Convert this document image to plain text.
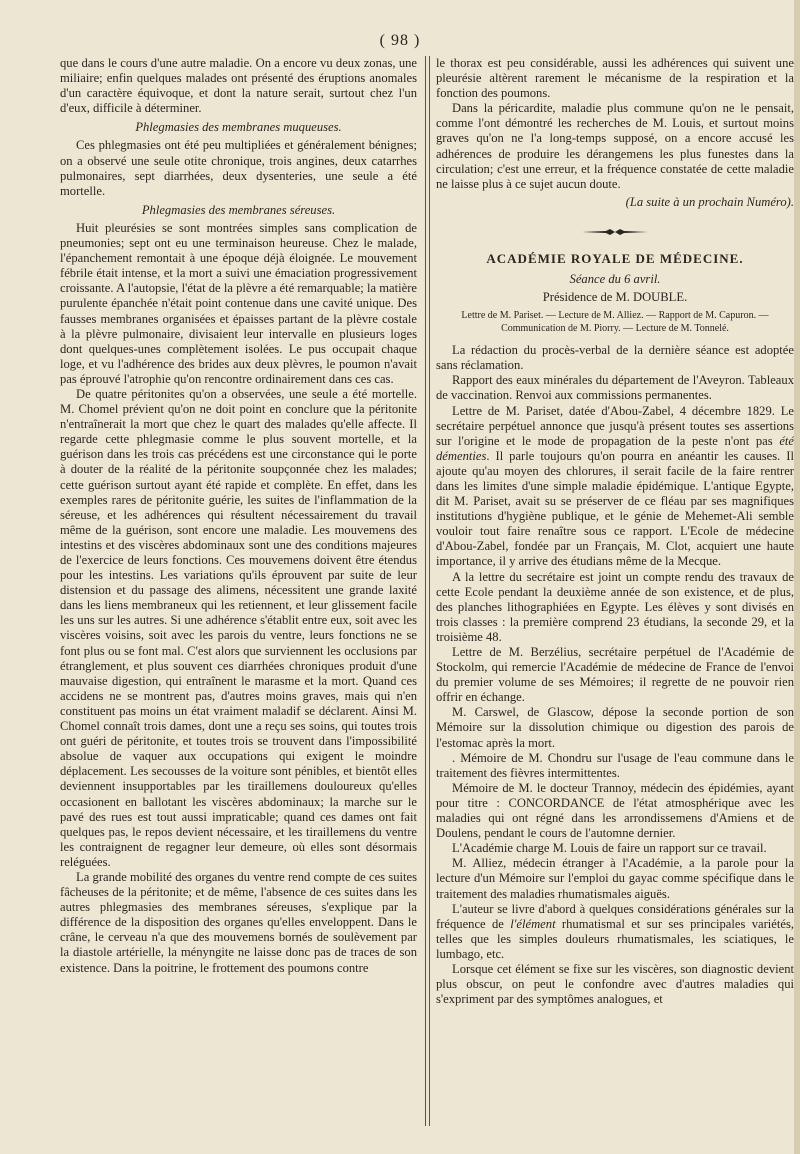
( 98 )

que dans le cours d'une autre maladie. On a encore vu deux zonas, une miliaire; enfin quelques malades ont présenté des éruptions anomales d'un caractère équivoque, et dont la nature serait, surtout chez l'un d'eux, difficile à déterminer.

Phlegmasies des membranes muqueuses.

Ces phlegmasies ont été peu multipliées et généralement bénignes; on a observé une seule otite chronique, trois angines, deux catarrhes pulmonaires, sept diarrhées, deux dysenteries, une seule a été mortelle.

Phlegmasies des membranes séreuses.

Huit pleurésies se sont montrées simples sans complication de pneumonies; sept ont eu une terminaison heureuse. Chez le malade, l'épanchement remontait à une époque déjà éloignée. Le mouvement fébrile était intense, et la mort a suivi une émaciation progressivement croissante. A l'autopsie, l'état de la plèvre a été remarquable; la matière purulente épanchée n'était point contenue dans une cavité unique. Des fausses membranes organisées et épaisses partant de la plèvre costale à la plèvre pulmonaire, divisaient leur intervalle en plusieurs loges dont quelques-unes complètement isolées. Le pus occupait chaque loge, et vu l'adhérence des brides aux deux plèvres, le poumon n'avait pas éprouvé l'atrophie qu'on rencontre ordinairement dans ces cas.

De quatre péritonites qu'on a observées, une seule a été mortelle. M. Chomel prévient qu'on ne doit point en conclure que la péritonite n'entraînerait la mort que chez le quart des malades qu'elle affecte. Il regarde cette phlegmasie comme le plus souvent mortelle, et la guérison dans les trois cas précédens est une circonstance qui le porte à douter de la réalité de la péritonite soupçonnée chez les malades; cette guérison surtout ayant été rapide et complète. En effet, dans les exemples rares de péritonite guérie, les suites de l'inflammation de la séreuse, et les adhérences qui résultent nécessairement du travail même de la guérison, sont encore une maladie. Les mouvemens des intestins et des viscères abdominaux sont une des conditions majeures de l'exercice de leurs fonctions. Ces mouvemens doivent être étendus pour les intestins. Les variations qu'ils éprouvent par suite de leur distension et du passage des alimens, nécessitent une grande laxité dans les liens membraneux qui les retiennent, et leur glissement facile les uns sur les autres. Si une adhérence s'établit entre eux, soit avec les viscères voisins, soit avec les parois du ventre, leurs fonctions ne se font plus ou se font mal. C'est alors que surviennent les occlusions par étranglement, et plus souvent ces diarrhées chroniques produit d'une mauvaise digestion, qui entraînent le marasme et la mort. Quand ces accidens ne se montrent pas, d'autres moins graves, mais qui n'en constituent pas moins un état vraiment maladif se déclarent. Ainsi M. Chomel connaît trois dames, dont une a reçu ses soins, qui toutes trois ont guéri de péritonite, et toutes trois se trouvent dans l'impossibilité absolue de vaquer aux occupations qui exigent le moindre déplacement. Les secousses de la voiture sont pénibles, et bientôt elles deviennent insupportables par les tiraillemens douloureux qu'elles occasionent en ballotant les viscères abdominaux; la marche sur le pavé des rues est tout aussi impraticable; quand ces dames ont fait quelques pas, le repos devient nécessaire, et les tiraillemens du ventre les contraignent de regagner leur demeure, où elles sont désormais reléguées.

La grande mobilité des organes du ventre rend compte de ces suites fâcheuses de la péritonite; et de même, l'absence de ces suites dans les autres phlegmasies des membranes séreuses, s'explique par la différence de la disposition des organes qu'elles enveloppent. Dans le crâne, le cerveau n'a que des mouvemens bornés de soulèvement par la diastole artérielle, la ményngite ne laisse donc pas de traces de son existence. Dans la poitrine, le frottement des poumons contre

le thorax est peu considérable, aussi les adhérences qui suivent une pleurésie altèrent rarement le mécanisme de la respiration et la fonction des poumons.

Dans la péricardite, maladie plus commune qu'on ne le pensait, comme l'ont démontré les recherches de M. Louis, et surtout moins graves qu'on ne l'a long-temps supposé, on a encore accusé les adhérences de produire les dérangemens les plus funestes dans la circulation; c'est une erreur, et la fréquence constatée de cette maladie ne laisse plus à ce sujet aucun doute.

(La suite à un prochain Numéro).

ACADÉMIE ROYALE DE MÉDECINE.

Séance du 6 avril.

Présidence de M. DOUBLE.

Lettre de M. Pariset. — Lecture de M. Alliez. — Rapport de M. Capuron. — Communication de M. Piorry. — Lecture de M. Tonnelé.

La rédaction du procès-verbal de la dernière séance est adoptée sans réclamation.

Rapport des eaux minérales du département de l'Aveyron. Tableaux de vaccination. Renvoi aux commissions permanentes.

Lettre de M. Pariset, datée d'Abou-Zabel, 4 décembre 1829. Le secrétaire perpétuel annonce que jusqu'à présent toutes ses assertions sur l'origine et le mode de propagation de la peste n'ont pas été démenties. Il parle toujours qu'on pourra en anéantir les causes. Il ajoute qu'au moyen des chlorures, il serait facile de la faire rentrer dans les limites d'une simple maladie épidémique. L'antique Egypte, dit M. Pariset, avait su se préserver de ce fléau par ses magnifiques institutions d'hygiène publique, et le génie de Mehemet-Ali semble vouloir tout faire renaître sous ce rapport. L'Ecole de médecine d'Abou-Zabel, fondée par un Français, M. Clot, acquiert une haute importance, il y arrive des étudians même de la Mecque.

A la lettre du secrétaire est joint un compte rendu des travaux de cette Ecole pendant la deuxième année de son existence, et de plus, des planches lithographiées en Egypte. Les élèves y sont divisés en trois classes : la première comprend 23 étudians, la seconde 29, et la troisième 48.

Lettre de M. Berzélius, secrétaire perpétuel de l'Académie de Stockolm, qui remercie l'Académie de médecine de France de l'envoi du premier volume de ses Mémoires; il regrette de ne pouvoir rien offrir en échange.

M. Carswel, de Glascow, dépose la seconde portion de son Mémoire sur la dissolution chimique ou digestion des parois de l'estomac après la mort.

. Mémoire de M. Chondru sur l'usage de l'eau commune dans le traitement des fièvres intermittentes.

Mémoire de M. le docteur Trannoy, médecin des épidémies, ayant pour titre : CONCORDANCE de l'état atmosphérique avec les maladies qui ont régné dans les arrondissemens d'Amiens et de Doulens, pendant le cours de l'automne dernier.

L'Académie charge M. Louis de faire un rapport sur ce travail.

M. Alliez, médecin étranger à l'Académie, a la parole pour la lecture d'un Mémoire sur l'emploi du gayac comme spécifique dans le traitement des maladies rhumatismales aiguës.

L'auteur se livre d'abord à quelques considérations générales sur la fréquence de l'élément rhumatismal et sur ses principales variétés, telles que les simples douleurs rhumatismales, les sciatiques, le lumbago, etc.

Lorsque cet élément se fixe sur les viscères, son diagnostic devient plus obscur, on peut le confondre avec d'autres maladies qui s'expriment par des symptômes analogues, et
